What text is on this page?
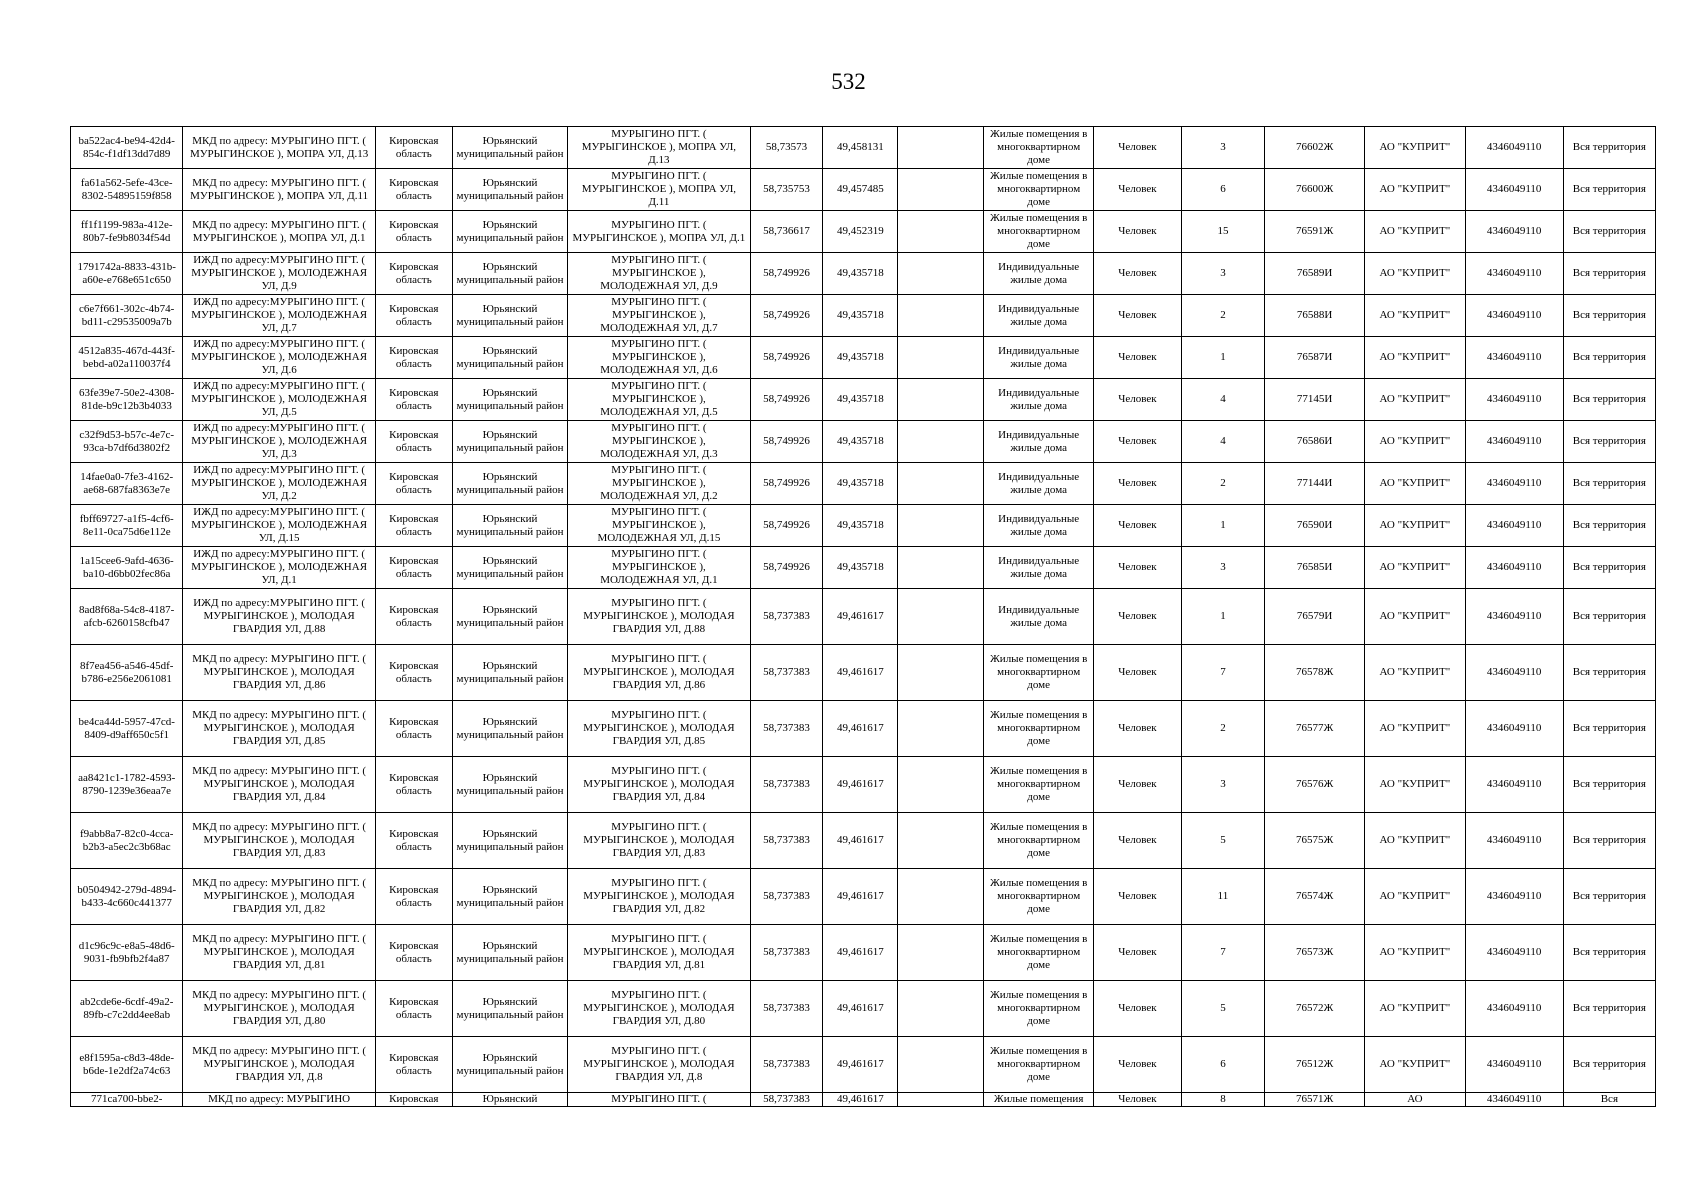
532
ba522ac4-be94-42d4-854c-f1df13dd7d89	МКД по адресу: МУРЫГИНО ПГТ. ( МУРЫГИНСКОЕ ), МОПРА УЛ, Д.13	Кировская область	Юрьянский муниципальный район	МУРЫГИНО ПГТ. ( МУРЫГИНСКОЕ ), МОПРА УЛ, Д.13	58,73573	49,458131		Жилые помещения в многоквартирном доме	Человек	3	76602Ж	АО "КУПРИТ"	4346049110	Вся территория
fa61a562-5efe-43ce-8302-54895159f858	МКД по адресу: МУРЫГИНО ПГТ. ( МУРЫГИНСКОЕ ), МОПРА УЛ, Д.11	Кировская область	Юрьянский муниципальный район	МУРЫГИНО ПГТ. ( МУРЫГИНСКОЕ ), МОПРА УЛ, Д.11	58,735753	49,457485		Жилые помещения в многоквартирном доме	Человек	6	76600Ж	АО "КУПРИТ"	4346049110	Вся территория
ff1f1199-983a-412e-80b7-fe9b8034f54d	МКД по адресу: МУРЫГИНО ПГТ. ( МУРЫГИНСКОЕ ), МОПРА УЛ, Д.1	Кировская область	Юрьянский муниципальный район	МУРЫГИНО ПГТ. ( МУРЫГИНСКОЕ ), МОПРА УЛ, Д.1	58,736617	49,452319		Жилые помещения в многоквартирном доме	Человек	15	76591Ж	АО "КУПРИТ"	4346049110	Вся территория
1791742a-8833-431b-a60e-e768e651c650	ИЖД по адресу:МУРЫГИНО ПГТ. ( МУРЫГИНСКОЕ ), МОЛОДЕЖНАЯ УЛ, Д.9	Кировская область	Юрьянский муниципальный район	МУРЫГИНО ПГТ. ( МУРЫГИНСКОЕ ), МОЛОДЕЖНАЯ УЛ, Д.9	58,749926	49,435718		Индивидуальные жилые дома	Человек	3	76589И	АО "КУПРИТ"	4346049110	Вся территория
c6e7f661-302c-4b74-bd11-c29535009a7b	ИЖД по адресу:МУРЫГИНО ПГТ. ( МУРЫГИНСКОЕ ), МОЛОДЕЖНАЯ УЛ, Д.7	Кировская область	Юрьянский муниципальный район	МУРЫГИНО ПГТ. ( МУРЫГИНСКОЕ ), МОЛОДЕЖНАЯ УЛ, Д.7	58,749926	49,435718		Индивидуальные жилые дома	Человек	2	76588И	АО "КУПРИТ"	4346049110	Вся территория
4512a835-467d-443f-bebd-a02a110037f4	ИЖД по адресу:МУРЫГИНО ПГТ. ( МУРЫГИНСКОЕ ), МОЛОДЕЖНАЯ УЛ, Д.6	Кировская область	Юрьянский муниципальный район	МУРЫГИНО ПГТ. ( МУРЫГИНСКОЕ ), МОЛОДЕЖНАЯ УЛ, Д.6	58,749926	49,435718		Индивидуальные жилые дома	Человек	1	76587И	АО "КУПРИТ"	4346049110	Вся территория
63fe39e7-50e2-4308-81de-b9c12b3b4033	ИЖД по адресу:МУРЫГИНО ПГТ. ( МУРЫГИНСКОЕ ), МОЛОДЕЖНАЯ УЛ, Д.5	Кировская область	Юрьянский муниципальный район	МУРЫГИНО ПГТ. ( МУРЫГИНСКОЕ ), МОЛОДЕЖНАЯ УЛ, Д.5	58,749926	49,435718		Индивидуальные жилые дома	Человек	4	77145И	АО "КУПРИТ"	4346049110	Вся территория
c32f9d53-b57c-4e7c-93ca-b7df6d3802f2	ИЖД по адресу:МУРЫГИНО ПГТ. ( МУРЫГИНСКОЕ ), МОЛОДЕЖНАЯ УЛ, Д.3	Кировская область	Юрьянский муниципальный район	МУРЫГИНО ПГТ. ( МУРЫГИНСКОЕ ), МОЛОДЕЖНАЯ УЛ, Д.3	58,749926	49,435718		Индивидуальные жилые дома	Человек	4	76586И	АО "КУПРИТ"	4346049110	Вся территория
14fae0a0-7fe3-4162-ae68-687fa8363e7e	ИЖД по адресу:МУРЫГИНО ПГТ. ( МУРЫГИНСКОЕ ), МОЛОДЕЖНАЯ УЛ, Д.2	Кировская область	Юрьянский муниципальный район	МУРЫГИНО ПГТ. ( МУРЫГИНСКОЕ ), МОЛОДЕЖНАЯ УЛ, Д.2	58,749926	49,435718		Индивидуальные жилые дома	Человек	2	77144И	АО "КУПРИТ"	4346049110	Вся территория
fbff69727-a1f5-4cf6-8e11-0ca75d6e112e	ИЖД по адресу:МУРЫГИНО ПГТ. ( МУРЫГИНСКОЕ ), МОЛОДЕЖНАЯ УЛ, Д.15	Кировская область	Юрьянский муниципальный район	МУРЫГИНО ПГТ. ( МУРЫГИНСКОЕ ), МОЛОДЕЖНАЯ УЛ, Д.15	58,749926	49,435718		Индивидуальные жилые дома	Человек	1	76590И	АО "КУПРИТ"	4346049110	Вся территория
1a15cee6-9afd-4636-ba10-d6bb02fec86a	ИЖД по адресу:МУРЫГИНО ПГТ. ( МУРЫГИНСКОЕ ), МОЛОДЕЖНАЯ УЛ, Д.1	Кировская область	Юрьянский муниципальный район	МУРЫГИНО ПГТ. ( МУРЫГИНСКОЕ ), МОЛОДЕЖНАЯ УЛ, Д.1	58,749926	49,435718		Индивидуальные жилые дома	Человек	3	76585И	АО "КУПРИТ"	4346049110	Вся территория
8ad8f68a-54c8-4187-afcb-6260158cfb47	ИЖД по адресу:МУРЫГИНО ПГТ. ( МУРЫГИНСКОЕ ), МОЛОДАЯ ГВАРДИЯ УЛ, Д.88	Кировская область	Юрьянский муниципальный район	МУРЫГИНО ПГТ. ( МУРЫГИНСКОЕ ), МОЛОДАЯ ГВАРДИЯ УЛ, Д.88	58,737383	49,461617		Индивидуальные жилые дома	Человек	1	76579И	АО "КУПРИТ"	4346049110	Вся территория
8f7ea456-a546-45df-b786-e256e2061081	МКД по адресу: МУРЫГИНО ПГТ. ( МУРЫГИНСКОЕ ), МОЛОДАЯ ГВАРДИЯ УЛ, Д.86	Кировская область	Юрьянский муниципальный район	МУРЫГИНО ПГТ. ( МУРЫГИНСКОЕ ), МОЛОДАЯ ГВАРДИЯ УЛ, Д.86	58,737383	49,461617		Жилые помещения в многоквартирном доме	Человек	7	76578Ж	АО "КУПРИТ"	4346049110	Вся территория
be4ca44d-5957-47cd-8409-d9aff650c5f1	МКД по адресу: МУРЫГИНО ПГТ. ( МУРЫГИНСКОЕ ), МОЛОДАЯ ГВАРДИЯ УЛ, Д.85	Кировская область	Юрьянский муниципальный район	МУРЫГИНО ПГТ. ( МУРЫГИНСКОЕ ), МОЛОДАЯ ГВАРДИЯ УЛ, Д.85	58,737383	49,461617		Жилые помещения в многоквартирном доме	Человек	2	76577Ж	АО "КУПРИТ"	4346049110	Вся территория
aa8421c1-1782-4593-8790-1239e36eaa7e	МКД по адресу: МУРЫГИНО ПГТ. ( МУРЫГИНСКОЕ ), МОЛОДАЯ ГВАРДИЯ УЛ, Д.84	Кировская область	Юрьянский муниципальный район	МУРЫГИНО ПГТ. ( МУРЫГИНСКОЕ ), МОЛОДАЯ ГВАРДИЯ УЛ, Д.84	58,737383	49,461617		Жилые помещения в многоквартирном доме	Человек	3	76576Ж	АО "КУПРИТ"	4346049110	Вся территория
f9abb8a7-82c0-4cca-b2b3-a5ec2c3b68ac	МКД по адресу: МУРЫГИНО ПГТ. ( МУРЫГИНСКОЕ ), МОЛОДАЯ ГВАРДИЯ УЛ, Д.83	Кировская область	Юрьянский муниципальный район	МУРЫГИНО ПГТ. ( МУРЫГИНСКОЕ ), МОЛОДАЯ ГВАРДИЯ УЛ, Д.83	58,737383	49,461617		Жилые помещения в многоквартирном доме	Человек	5	76575Ж	АО "КУПРИТ"	4346049110	Вся территория
b0504942-279d-4894-b433-4c660c441377	МКД по адресу: МУРЫГИНО ПГТ. ( МУРЫГИНСКОЕ ), МОЛОДАЯ ГВАРДИЯ УЛ, Д.82	Кировская область	Юрьянский муниципальный район	МУРЫГИНО ПГТ. ( МУРЫГИНСКОЕ ), МОЛОДАЯ ГВАРДИЯ УЛ, Д.82	58,737383	49,461617		Жилые помещения в многоквартирном доме	Человек	11	76574Ж	АО "КУПРИТ"	4346049110	Вся территория
d1c96c9c-e8a5-48d6-9031-fb9bfb2f4a87	МКД по адресу: МУРЫГИНО ПГТ. ( МУРЫГИНСКОЕ ), МОЛОДАЯ ГВАРДИЯ УЛ, Д.81	Кировская область	Юрьянский муниципальный район	МУРЫГИНО ПГТ. ( МУРЫГИНСКОЕ ), МОЛОДАЯ ГВАРДИЯ УЛ, Д.81	58,737383	49,461617		Жилые помещения в многоквартирном доме	Человек	7	76573Ж	АО "КУПРИТ"	4346049110	Вся территория
ab2cde6e-6cdf-49a2-89fb-c7c2dd4ee8ab	МКД по адресу: МУРЫГИНО ПГТ. ( МУРЫГИНСКОЕ ), МОЛОДАЯ ГВАРДИЯ УЛ, Д.80	Кировская область	Юрьянский муниципальный район	МУРЫГИНО ПГТ. ( МУРЫГИНСКОЕ ), МОЛОДАЯ ГВАРДИЯ УЛ, Д.80	58,737383	49,461617		Жилые помещения в многоквартирном доме	Человек	5	76572Ж	АО "КУПРИТ"	4346049110	Вся территория
e8f1595a-c8d3-48de-b6de-1e2df2a74c63	МКД по адресу: МУРЫГИНО ПГТ. ( МУРЫГИНСКОЕ ), МОЛОДАЯ ГВАРДИЯ УЛ, Д.8	Кировская область	Юрьянский муниципальный район	МУРЫГИНО ПГТ. ( МУРЫГИНСКОЕ ), МОЛОДАЯ ГВАРДИЯ УЛ, Д.8	58,737383	49,461617		Жилые помещения в многоквартирном доме	Человек	6	76512Ж	АО "КУПРИТ"	4346049110	Вся территория
771ca700-bbe2-	МКД по адресу: МУРЫГИНО	Кировская	Юрьянский	МУРЫГИНО ПГТ. (	58,737383	49,461617		Жилые помещения	Человек	8	76571Ж	АО	4346049110	Вся
